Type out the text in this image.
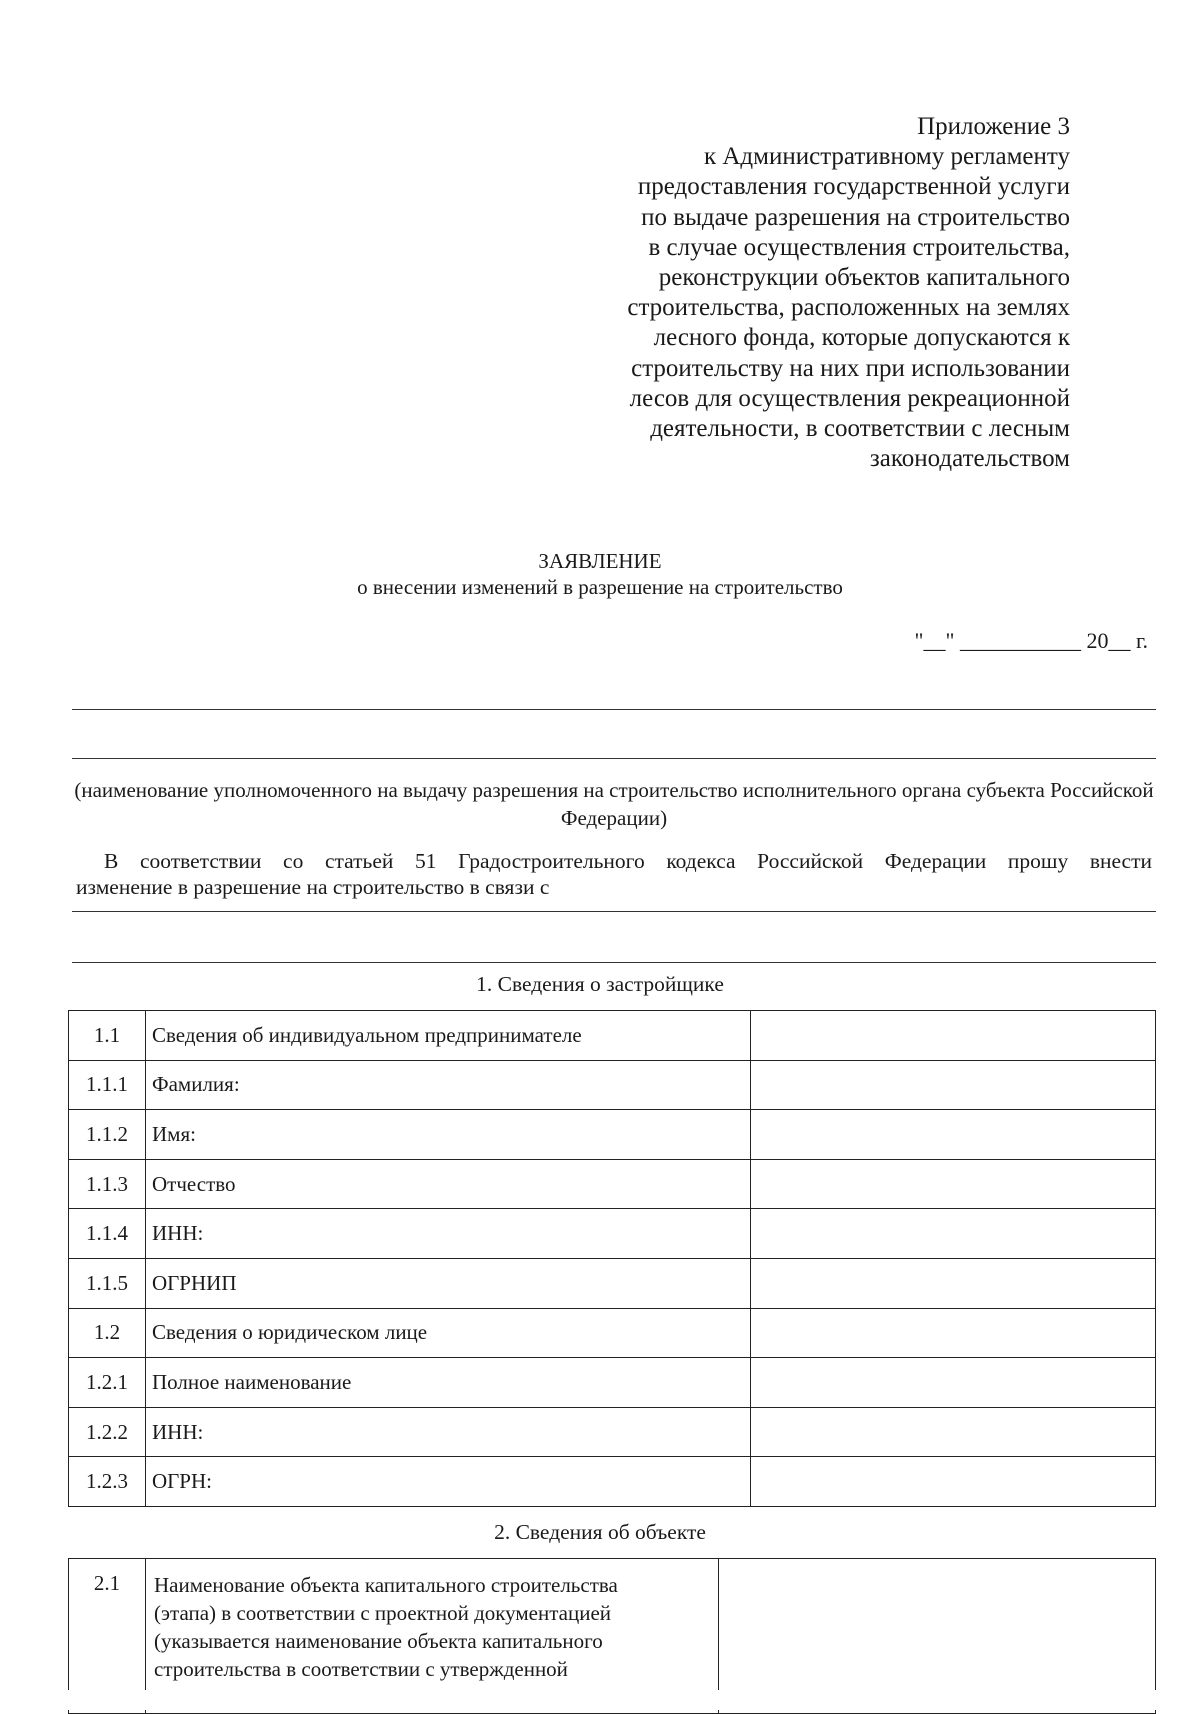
Приложение 3
к Административному регламенту
предоставления государственной услуги
по выдаче разрешения на строительство
в случае осуществления строительства,
реконструкции объектов капитального
строительства, расположенных на землях
лесного фонда, которые допускаются к
строительству на них при использовании
лесов для осуществления рекреационной
деятельности, в соответствии с лесным
законодательством
ЗАЯВЛЕНИЕ
о внесении изменений в разрешение на строительство
"__" ___________ 20__ г.
(наименование уполномоченного на выдачу разрешения на строительство исполнительного органа субъекта Российской Федерации)
В соответствии со статьей 51 Градостроительного кодекса Российской Федерации прошу внести
изменение в разрешение на строительство в связи с
1. Сведения о застройщике
1.1	Сведения об индивидуальном предпринимателе	
1.1.1	Фамилия:	
1.1.2	Имя:	
1.1.3	Отчество	
1.1.4	ИНН:	
1.1.5	ОГРНИП	
1.2	Сведения о юридическом лице	
1.2.1	Полное наименование	
1.2.2	ИНН:	
1.2.3	ОГРН:	
2. Сведения об объекте
2.1	Наименование объекта капитального строительства
(этапа) в соответствии с проектной документацией
(указывается наименование объекта капитального
строительства в соответствии с утвержденной
